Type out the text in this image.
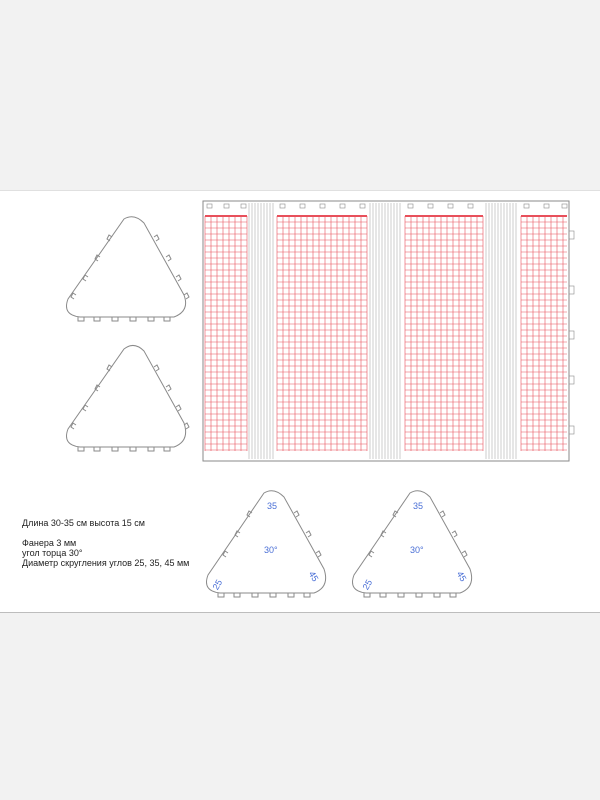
35
30°
25
45
35
30°
25
45
Длина 30-35 см высота 15 см
Фанера 3 мм
угол торца 30°
Диаметр скругления углов 25, 35, 45 мм
